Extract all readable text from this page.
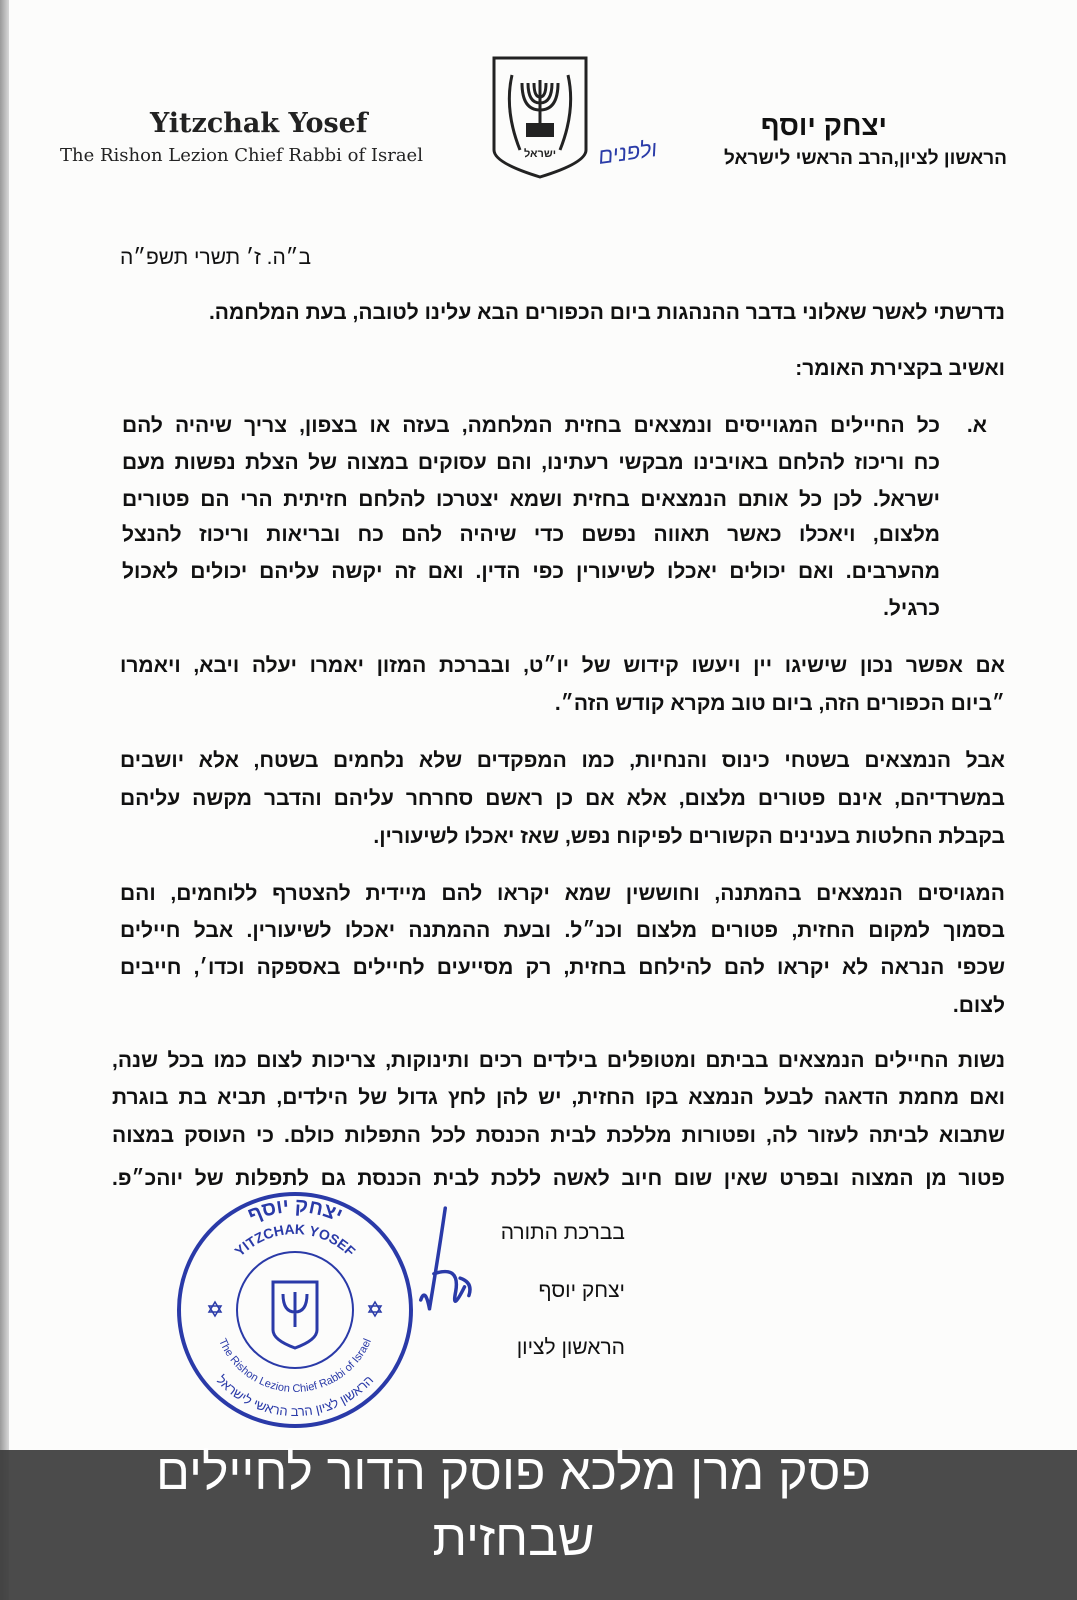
Yitzchak Yosef
The Rishon Lezion Chief Rabbi of Israel
יצחק יוסף
הראשון לציון,הרב הראשי לישראל
ולפנים
ישראל
ב״ה. ז׳ תשרי תשפ״ה
נדרשתי לאשר שאלוני בדבר ההנהגות ביום הכפורים הבא עלינו לטובה, בעת המלחמה.
ואשיב בקצירת האומר:
א.
כל החיילים המגוייסים ונמצאים בחזית המלחמה, בעזה או בצפון, צריך שיהיה להם
כח וריכוז להלחם באויבינו מבקשי רעתינו, והם עסוקים במצוה של הצלת נפשות מעם
ישראל. לכן כל אותם הנמצאים בחזית ושמא יצטרכו להלחם חזיתית הרי הם פטורים
מלצום, ויאכלו כאשר תאווה נפשם כדי שיהיה להם כח ובריאות וריכוז להנצל
מהערבים. ואם יכולים יאכלו לשיעורין כפי הדין. ואם זה יקשה עליהם יכולים לאכול
כרגיל.
אם אפשר נכון שישיגו יין ויעשו קידוש של יו״ט, ובברכת המזון יאמרו יעלה ויבא, ויאמרו
״ביום הכפורים הזה, ביום טוב מקרא קודש הזה״.
אבל הנמצאים בשטחי כינוס והנחיות, כמו המפקדים שלא נלחמים בשטח, אלא יושבים
במשרדיהם, אינם פטורים מלצום, אלא אם כן ראשם סחרחר עליהם והדבר מקשה עליהם
בקבלת החלטות בענינים הקשורים לפיקוח נפש, שאז יאכלו לשיעורין.
המגויסים הנמצאים בהמתנה, וחוששין שמא יקראו להם מיידית להצטרף ללוחמים, והם
בסמוך למקום החזית, פטורים מלצום וכנ״ל. ובעת ההמתנה יאכלו לשיעורין. אבל חיילים
שכפי הנראה לא יקראו להם להילחם בחזית, רק מסייעים לחיילים באספקה וכדו׳, חייבים
לצום.
נשות החיילים הנמצאים בביתם ומטופלים בילדים רכים ותינוקות, צריכות לצום כמו בכל שנה,
ואם מחמת הדאגה לבעל הנמצא בקו החזית, יש להן לחץ גדול של הילדים, תביא בת בוגרת
שתבוא לביתה לעזור לה, ופטורות מללכת לבית הכנסת לכל התפלות כולם. כי העוסק במצוה
פטור מן המצוה ובפרט שאין שום חיוב לאשה ללכת לבית הכנסת גם לתפלות של יוהכ״פ.
בברכת התורה
יצחק יוסף
הראשון לציון
יצחק יוסף
הראשון לציון הרב הראשי לישראל
YITZCHAK YOSEF
The Rishon Lezion Chief Rabbi of Israel
פסק מרן מלכא פוסק הדור לחיילים
שבחזית
